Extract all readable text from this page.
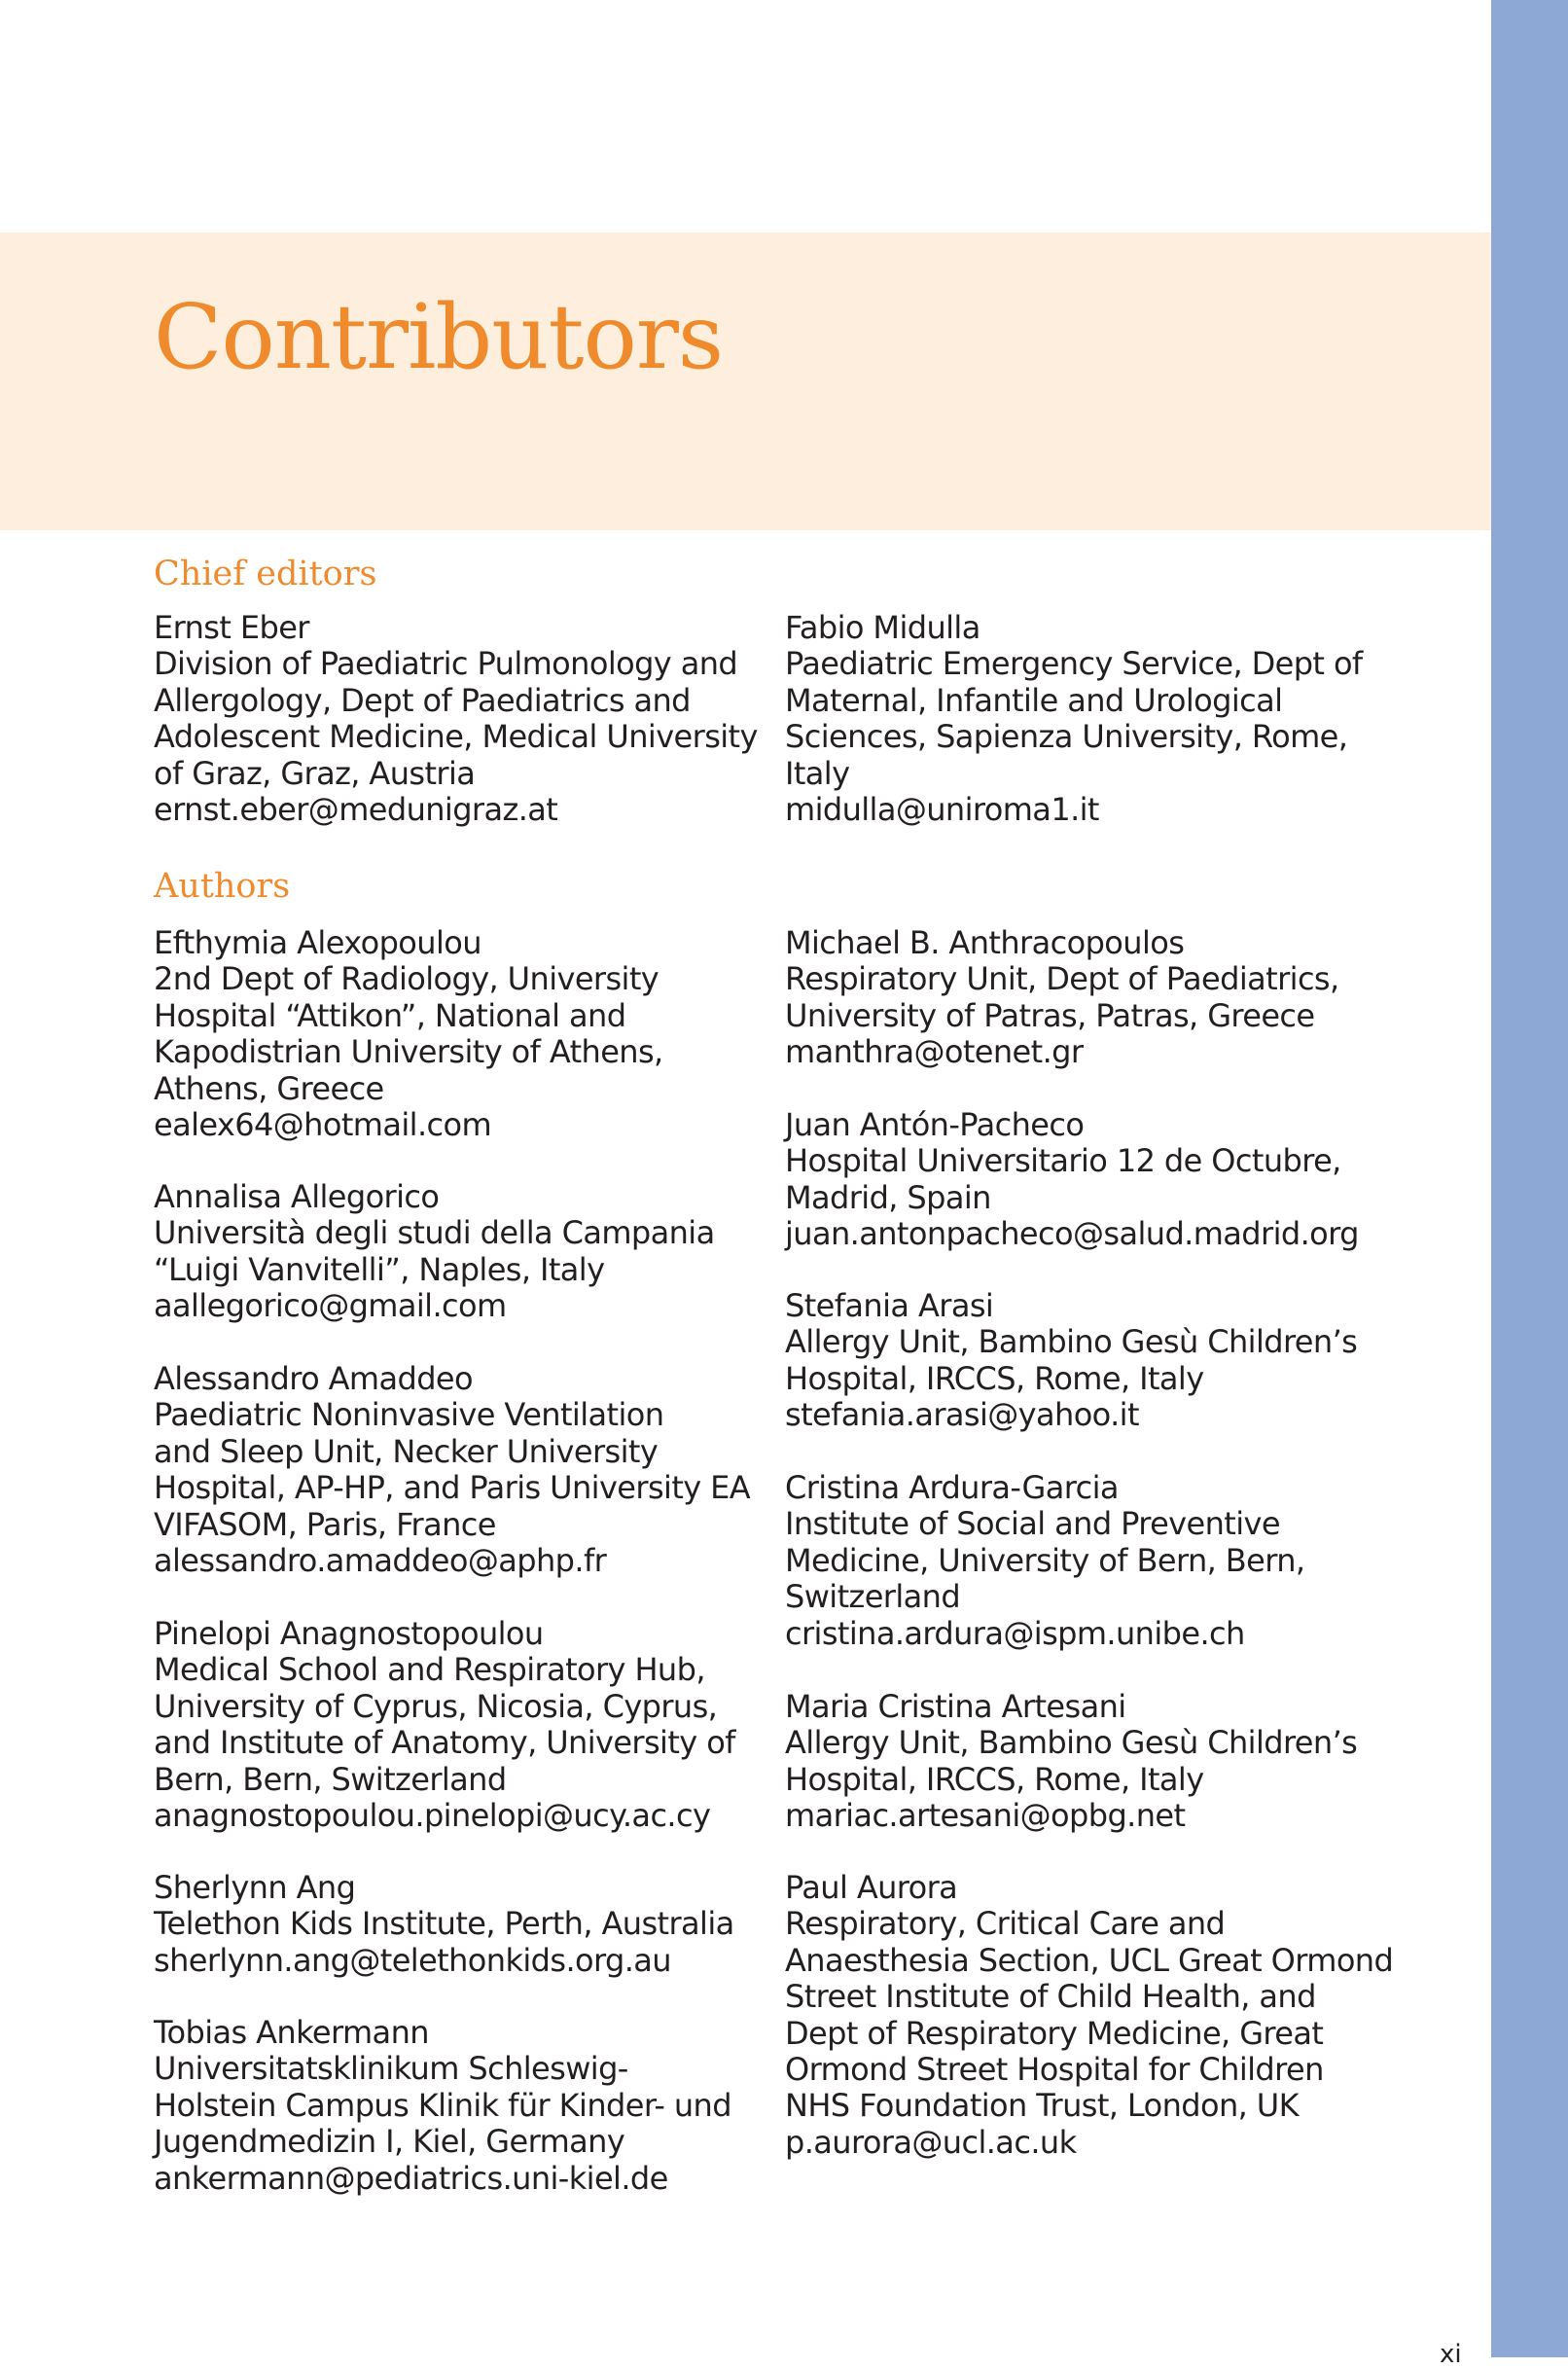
Contributors
Chief editors
Authors
Ernst Eber
Division of Paediatric Pulmonology and
Allergology, Dept of Paediatrics and
Adolescent Medicine, Medical University
of Graz, Graz, Austria
ernst.eber@medunigraz.at
Fabio Midulla
Paediatric Emergency Service, Dept of
Maternal, Infantile and Urological
Sciences, Sapienza University, Rome,
Italy
midulla@uniroma1.it
Efthymia Alexopoulou
2nd Dept of Radiology, University
Hospital “Attikon”, National and
Kapodistrian University of Athens,
Athens, Greece
ealex64@hotmail.com
Annalisa Allegorico
Università degli studi della Campania
“Luigi Vanvitelli”, Naples, Italy
aallegorico@gmail.com
Alessandro Amaddeo
Paediatric Noninvasive Ventilation
and Sleep Unit, Necker University
Hospital, AP-HP, and Paris University EA
VIFASOM, Paris, France
alessandro.amaddeo@aphp.fr
Pinelopi Anagnostopoulou
Medical School and Respiratory Hub,
University of Cyprus, Nicosia, Cyprus,
and Institute of Anatomy, University of
Bern, Bern, Switzerland
anagnostopoulou.pinelopi@ucy.ac.cy
Sherlynn Ang
Telethon Kids Institute, Perth, Australia
sherlynn.ang@telethonkids.org.au
Tobias Ankermann
Universitatsklinikum Schleswig-
Holstein Campus Klinik für Kinder- und
Jugendmedizin I, Kiel, Germany
ankermann@pediatrics.uni-kiel.de
Michael B. Anthracopoulos
Respiratory Unit, Dept of Paediatrics,
University of Patras, Patras, Greece
manthra@otenet.gr
Juan Antón-Pacheco
Hospital Universitario 12 de Octubre,
Madrid, Spain
juan.antonpacheco@salud.madrid.org
Stefania Arasi
Allergy Unit, Bambino Gesù Children’s
Hospital, IRCCS, Rome, Italy
stefania.arasi@yahoo.it
Cristina Ardura-Garcia
Institute of Social and Preventive
Medicine, University of Bern, Bern,
Switzerland
cristina.ardura@ispm.unibe.ch
Maria Cristina Artesani
Allergy Unit, Bambino Gesù Children’s
Hospital, IRCCS, Rome, Italy
mariac.artesani@opbg.net
Paul Aurora
Respiratory, Critical Care and
Anaesthesia Section, UCL Great Ormond
Street Institute of Child Health, and
Dept of Respiratory Medicine, Great
Ormond Street Hospital for Children
NHS Foundation Trust, London, UK
p.aurora@ucl.ac.uk

xi
